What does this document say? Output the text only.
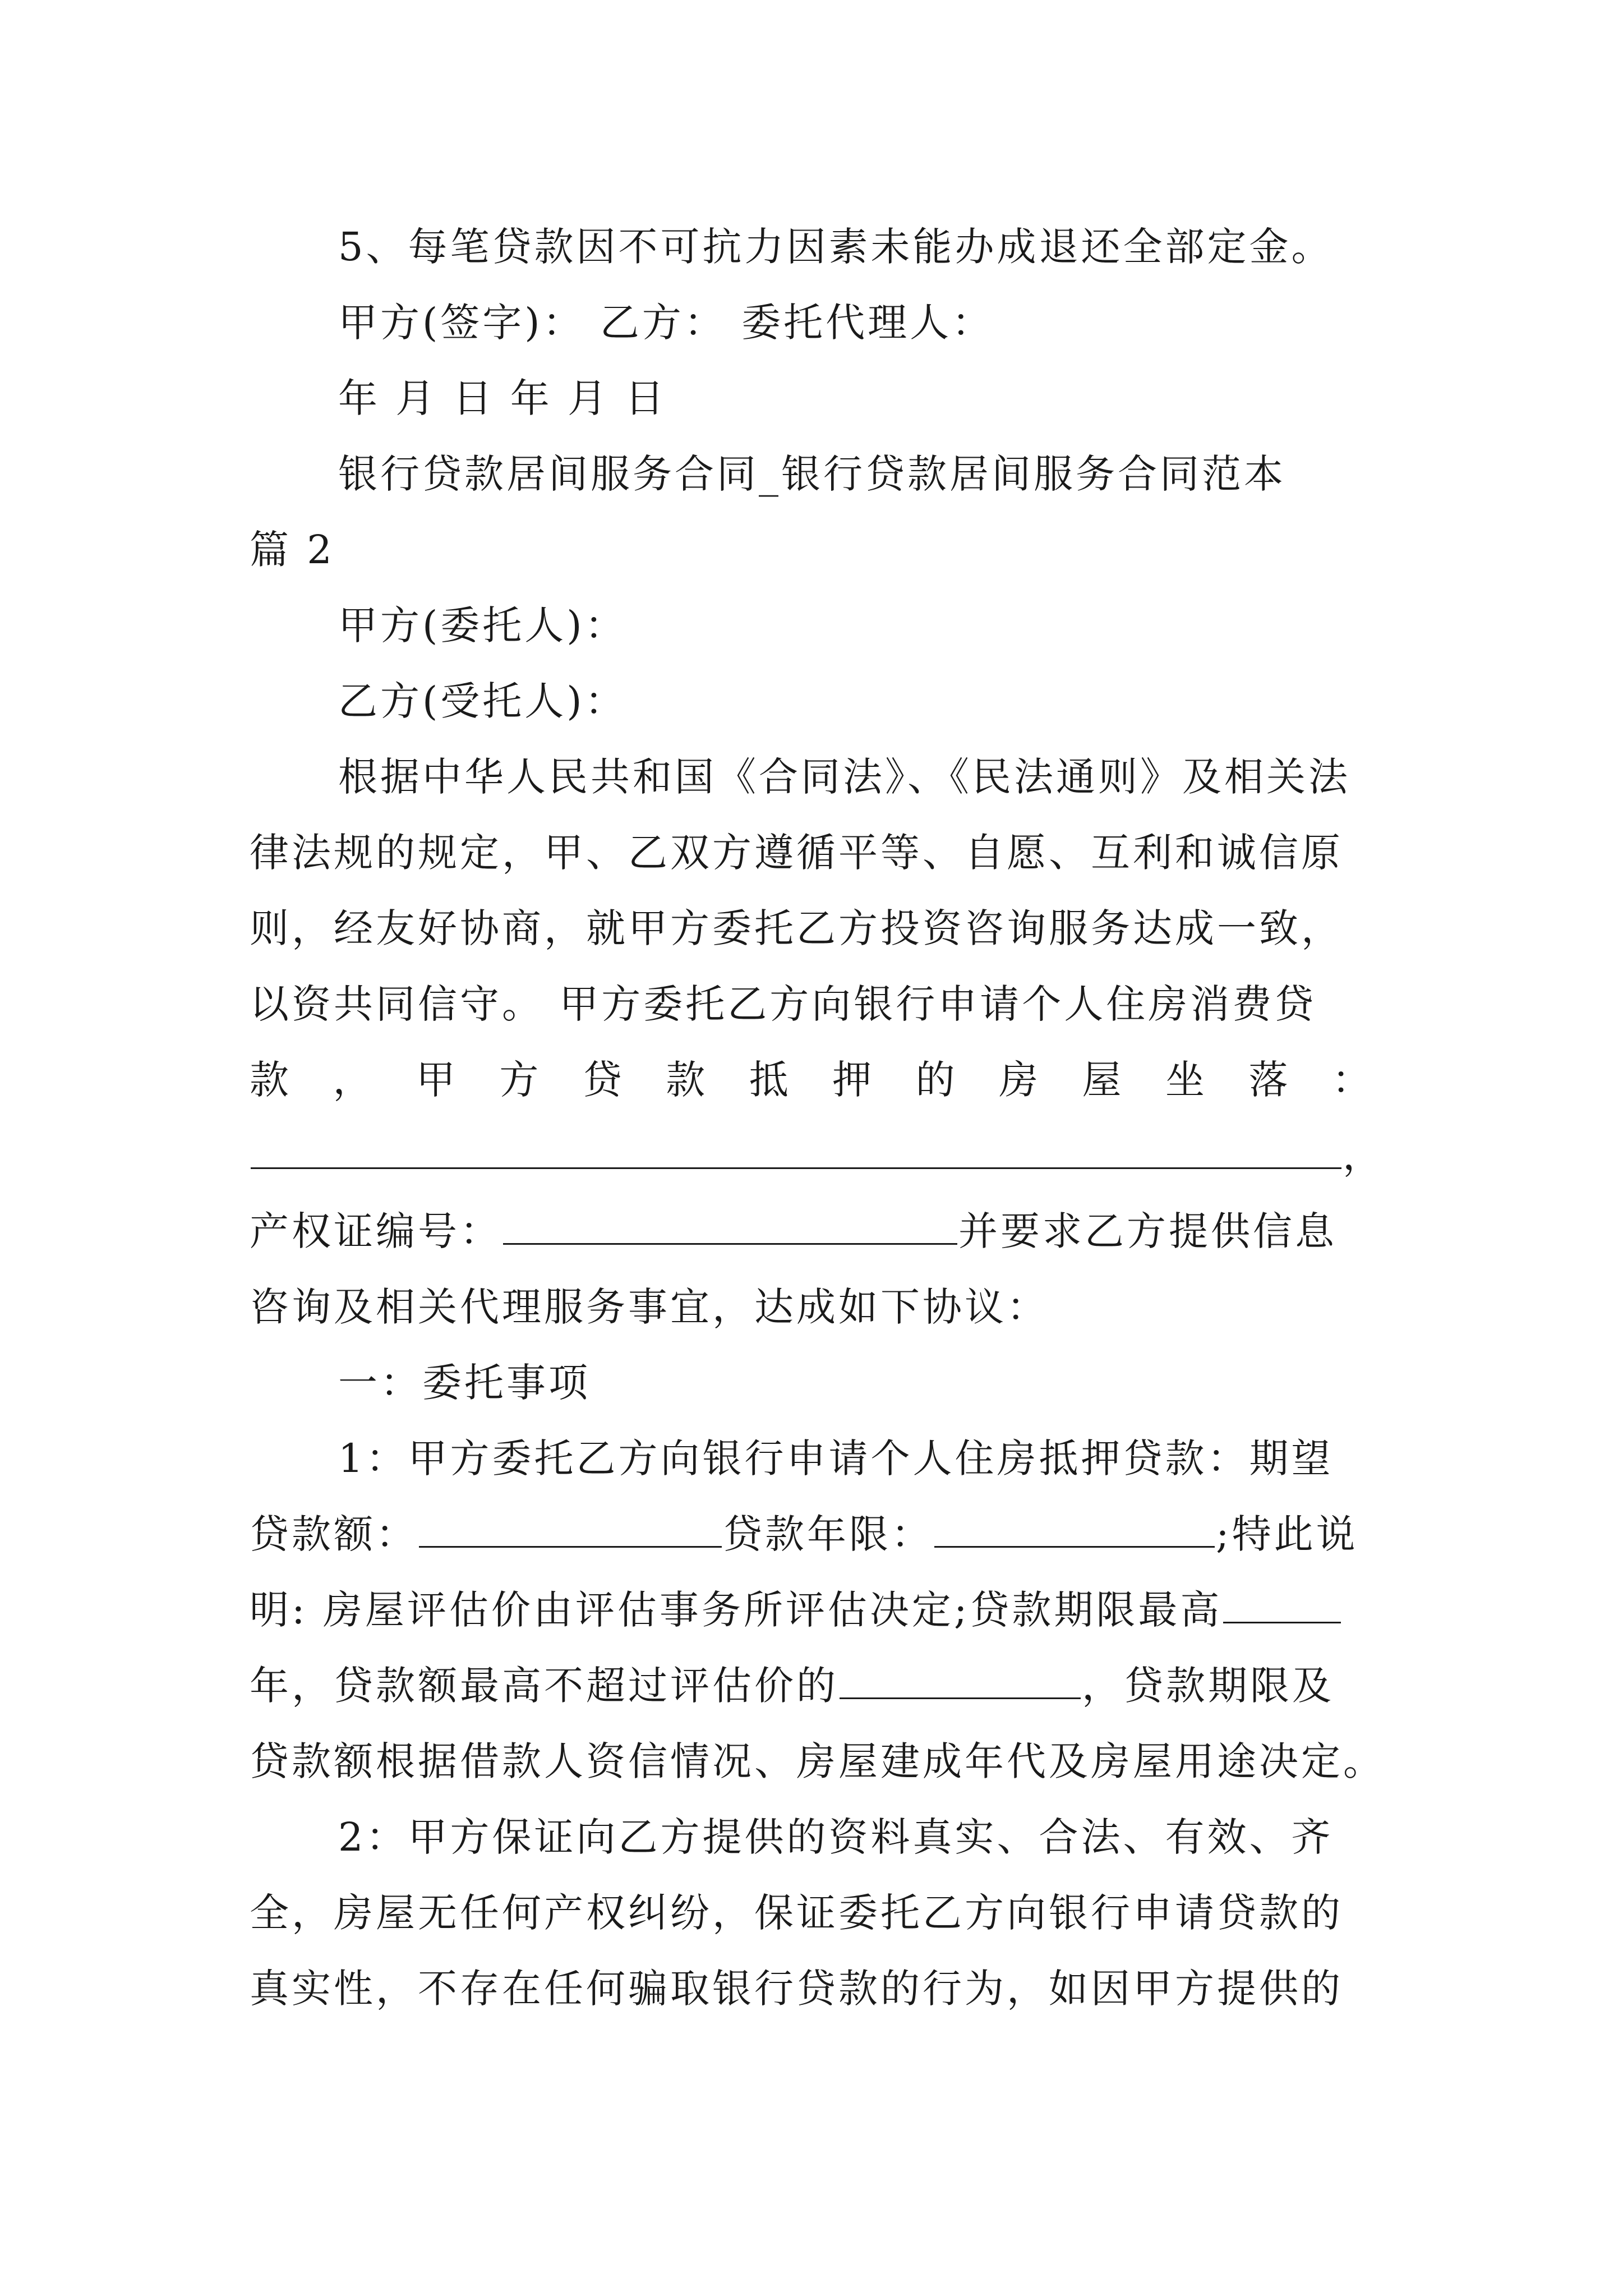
5、每笔贷款因不可抗力因素未能办成退还全部定金。
甲方(签字)： 乙方： 委托代理人：
年 月 日 年 月 日
银行贷款居间服务合同_银行贷款居间服务合同范本
篇 2
甲方(委托人)：
乙方(受托人)：
根据中华人民共和国《合同法》、《民法通则》及相关法
律法规的规定，甲、乙双方遵循平等、自愿、互利和诚信原
则，经友好协商，就甲方委托乙方投资咨询服务达成一致，
以资共同信守。 甲方委托乙方向银行申请个人住房消费贷
款 ， 甲 方 贷 款 抵 押 的 房 屋 坐 落 ：
，
产权证编号：	并要求乙方提供信息
咨询及相关代理服务事宜，达成如下协议：
一：委托事项
1：甲方委托乙方向银行申请个人住房抵押贷款：期望
贷款额：	贷款年限：	;特此说
明: 房屋评估价由评估事务所评估决定;贷款期限最高
年，贷款额最高不超过评估价的	，贷款期限及
贷款额根据借款人资信情况、房屋建成年代及房屋用途决定。
2：甲方保证向乙方提供的资料真实、合法、有效、齐
全，房屋无任何产权纠纷，保证委托乙方向银行申请贷款的
真实性，不存在任何骗取银行贷款的行为，如因甲方提供的
